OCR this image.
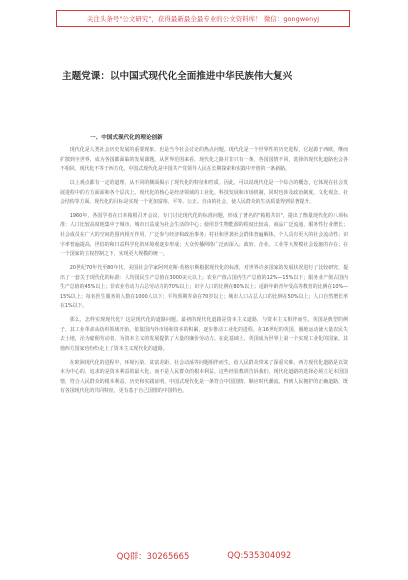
关注头条号"公文研究"，获得最新最全最专业的公文资料库！ 微信：gongwenyj
主题党课：以中国式现代化全面推进中华民族伟大复兴
一、中国式现代化的理论创新

现代化是人类社会历史发展的重要现象，也是当今社会讨论的热点问题。现代化是一个世界性的历史进程，它起源于西欧，继而扩散到全世界，成为各国都面临的发展课题。从世界范围来看，现代化之路并非只有一条，各国国情不同，选择的现代化道路也会各不相同。现代化不等于西方化，中国式现代化是中国共产党领导人民在长期探索和实践中开创的一条新路。

以上观点都有一定的道理，从不同的侧面揭示了现代化的特征和性质。因此，可以说现代化是一个综合的概念，它体现在社会发展进程中的方方面面和各个层次上。现代化的核心是经济领域的工业化、科技发展和市场机制，同时也涉及政治制度、文化观念、社会结构等方面。现代化的目标是实现一个更加富裕、平等、公正、自由的社会，使人民群众的生活质量得到显著提升。

1960年，各国学者在日本箱根召开会议，专门讨论现代化的标准问题，形成了著名的"箱根共识"，提出了衡量现代化的八项标准：人口比较高度地集中于城市，城市日益成为社会生活的中心；使用非生物能源的程度比较高，商品广泛流通，服务性行业增长；社会成员在广大的空间范围内相互作用，广泛参与经济和政治事务；村社和世袭社会群体普遍解体，个人具有更大的社会流动性；识字率普遍提高，世俗的和日益科学化的环境观逐步形成；大众传播网络广泛而深入；政府、企业、工业等大规模社会设施的存在；在一个国家的主权控制之下，实现更大规模的统一。

20世纪70年代至80年代，美国社会学家阿列克斯·英格尔斯根据现代化的标准，对世界许多国家的发展状况进行了比较研究，提出了一套关于现代化的标准：人均国民生产总值在3000美元以上；农业产值占国内生产总值的12%—15%以下；服务业产值占国内生产总值的45%以上；非农业劳动力占总劳动力的70%以上；识字人口的比例在80%以上；适龄年龄青年受高等教育的比例在10%—15%以上；每名医生服务的人数在1000人以下；平均预期寿命在70岁以上；城市人口占总人口的比例在50%以上；人口自然增长率在1%以下。

那么，怎样实现现代化？这是现代化的道路问题。最初的现代化道路是资本主义道路，与资本主义相伴而生。英国是典型的例子，其工业革命从纺织领域开始，依靠国内外市场和资本的积累，逐步推动工业化的进程。在16世纪的英国，圈地运动使大量农民失去土地，沦为雇佣劳动者，为资本主义的发展提供了大量的廉价劳动力。在此基础上，英国成为世界上第一个实现工业化的国家，其他西方国家也纷纷走上了资本主义现代化的道路。

在欧洲现代化的进程中，环境污染、贫富差距、社会动荡等问题相伴而生，给人民群众带来了深重灾难。西方现代化道路是以资本为中心的，追求的是资本利益的最大化，而不是人民群众的根本利益。这些经验教训告诉我们，现代化道路的选择必须立足本国国情，符合人民群众的根本利益。历史和实践证明，中国式现代化是一条符合中国国情、顺应时代潮流、得到人民拥护的正确道路，既有各国现代化的共同特征，更有基于自己国情的中国特色。

QQ群：30265665	QQ:535304092
